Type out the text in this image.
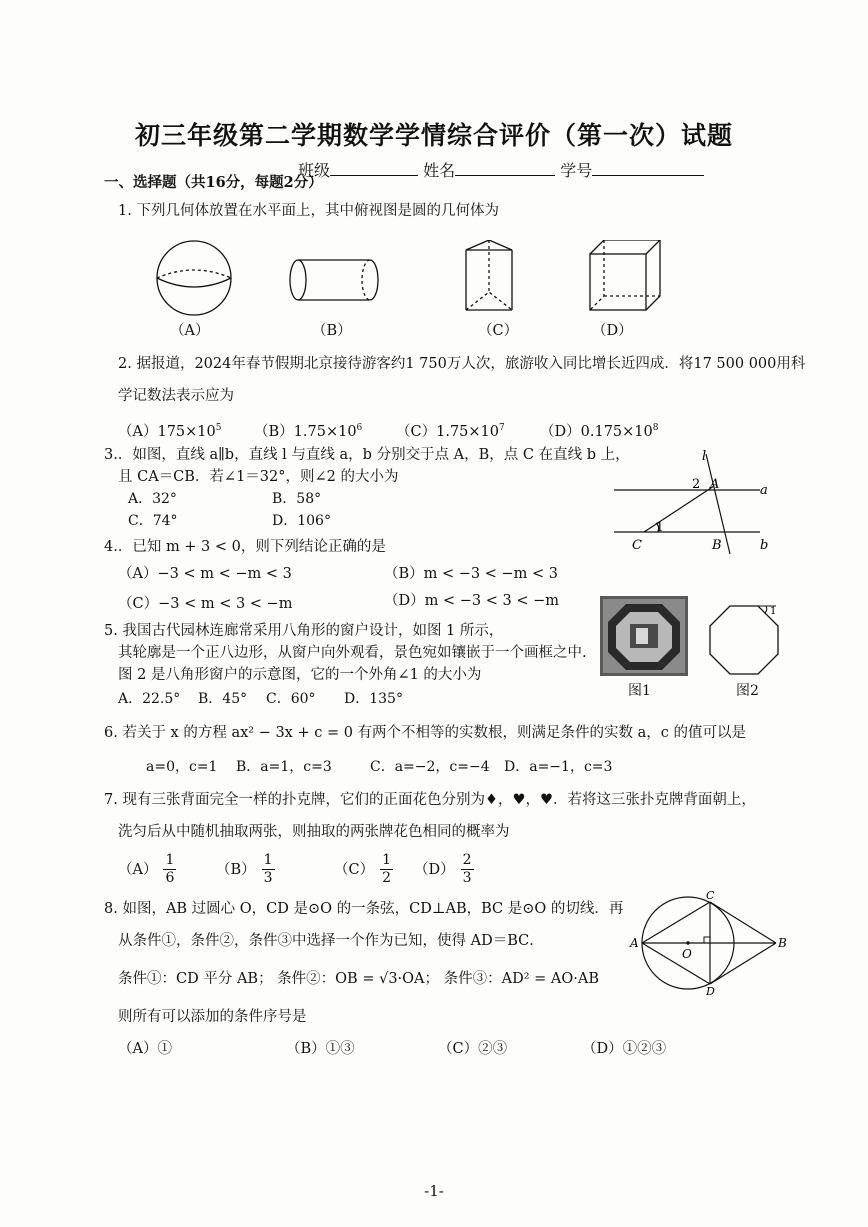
初三年级第二学期数学学情综合评价（第一次）试题
班级	姓名	学号
一、选择题（共16分，每题2分）
1. 下列几何体放置在水平面上，其中俯视图是圆的几何体为
（A）	（B）	（C）	（D）
2. 据报道，2024年春节假期北京接待游客约1 750万人次，旅游收入同比增长近四成．将17 500 000用科
学记数法表示应为
$(A)175\times 10^5$ $(B)1.75\times 10^6$ $(C)1.75\times 10^7$ $(D)0.175\times 10^8$
3.．如图，直线 a∥b，直线 l 与直线 a，b 分别交于点 A，B，点 C 在直线 b 上，
且 CA＝CB．若∠1＝32°，则∠2 的大小为
A．32°	B．58°
C．74°	D．106°
l
a
b
A
B
C
1
2
4.．已知 m + 3 < 0，则下列结论正确的是
（A）−3 < m < −m < 3	（B）m < −3 < −m < 3
（C）−3 < m < 3 < −m	（D）m < −3 < 3 < −m
5. 我国古代园林连廊常采用八角形的窗户设计，如图 1 所示，
其轮廓是一个正八边形，从窗户向外观看，景色宛如镶嵌于一个画框之中.
图 2 是八角形窗户的示意图，它的一个外角∠1 的大小为
A．22.5° B．45° C．60° D．135°	图1
1
图2
6. 若关于 x 的方程 ax² − 3x + c = 0 有两个不相等的实数根，则满足条件的实数 a，c 的值可以是
a=0，c=1 B．a=1，c=3	C．a=−2，c=−4 D．a=−1，c=3
7. 现有三张背面完全一样的扑克牌，它们的正面花色分别为♦，♥，♥．若将这三张扑克牌背面朝上，
洗匀后从中随机抽取两张，则抽取的两张牌花色相同的概率为
$(A) \frac{1}{6}$	$(B) \frac{1}{3}$	$(C) \frac{1}{2} (D) \frac{2}{3}$
8. 如图，AB 过圆心 O，CD 是⊙O 的一条弦，CD⊥AB，BC 是⊙O 的切线．再
从条件①，条件②，条件③中选择一个作为已知，使得 AD＝BC．
条件①：CD 平分 AB； 条件②：OB = √3·OA； 条件③：AD² = AO·AB
则所有可以添加的条件序号是
（A）①	（B）①③	（C）②③	（D）①②③
A	B
C
D
O
-1-
